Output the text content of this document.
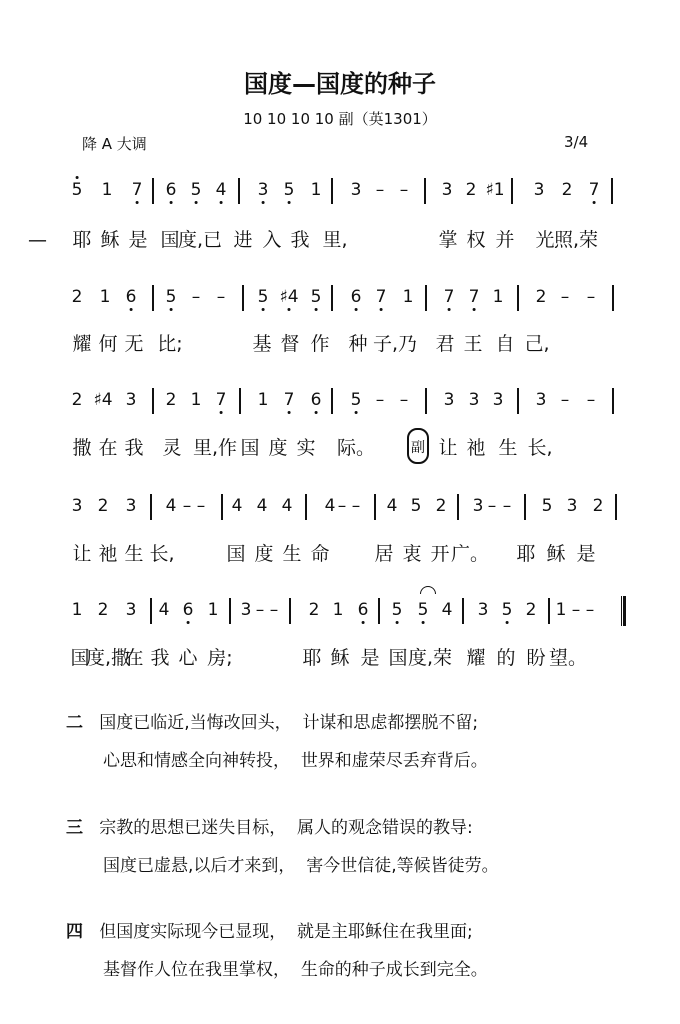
国度—国度的种子
10 10 10 10 副（英1301）
降 A 大调	3/4
—
5 1 7 6 5 4 3 5 1 3 – – 3 2 ♯1 3 2 7
耶 稣 是 国
度,已 进 入 我 里,	掌 权 并 光 照,荣
2 1 6 5 – – 5 ♯4 5 6 7 1 7 7 1 2 – –
耀 何 无 比;	基 督 作 种 子,乃 君 王 自 己,
2 ♯4 3 2 1 7 1 7 6 5 – – 3 3 3 3 – –
撒 在 我 灵 里,作 国 度 实 际。	让 祂 生 长,
3 2 3 4 – – 4 4 4 4 – – 4 5 2 3 – – 5 3 2
让 祂 生 长,	国 度 生 命 居 衷 开 广。 耶 稣 是
1 2 3 4 6 1 3 – – 2 1 6 5 5 4 3 5 2 1 – –
国
度,撒
在 我 心 房;	耶 稣 是 国 度,荣 耀 的 盼 望。
副
二 国度已临近,当悔改回头， 计谋和思虑都摆脱不留;
心思和情感全向神转投， 世界和虚荣尽丢弃背后。
三 宗教的思想已迷失目标， 属人的观念错误的教导:
国度已虚悬,以后才来到， 害今世信徒,等候皆徒劳。
四 但国度实际现今已显现， 就是主耶稣住在我里面;
基督作人位在我里掌权， 生命的种子成长到完全。
